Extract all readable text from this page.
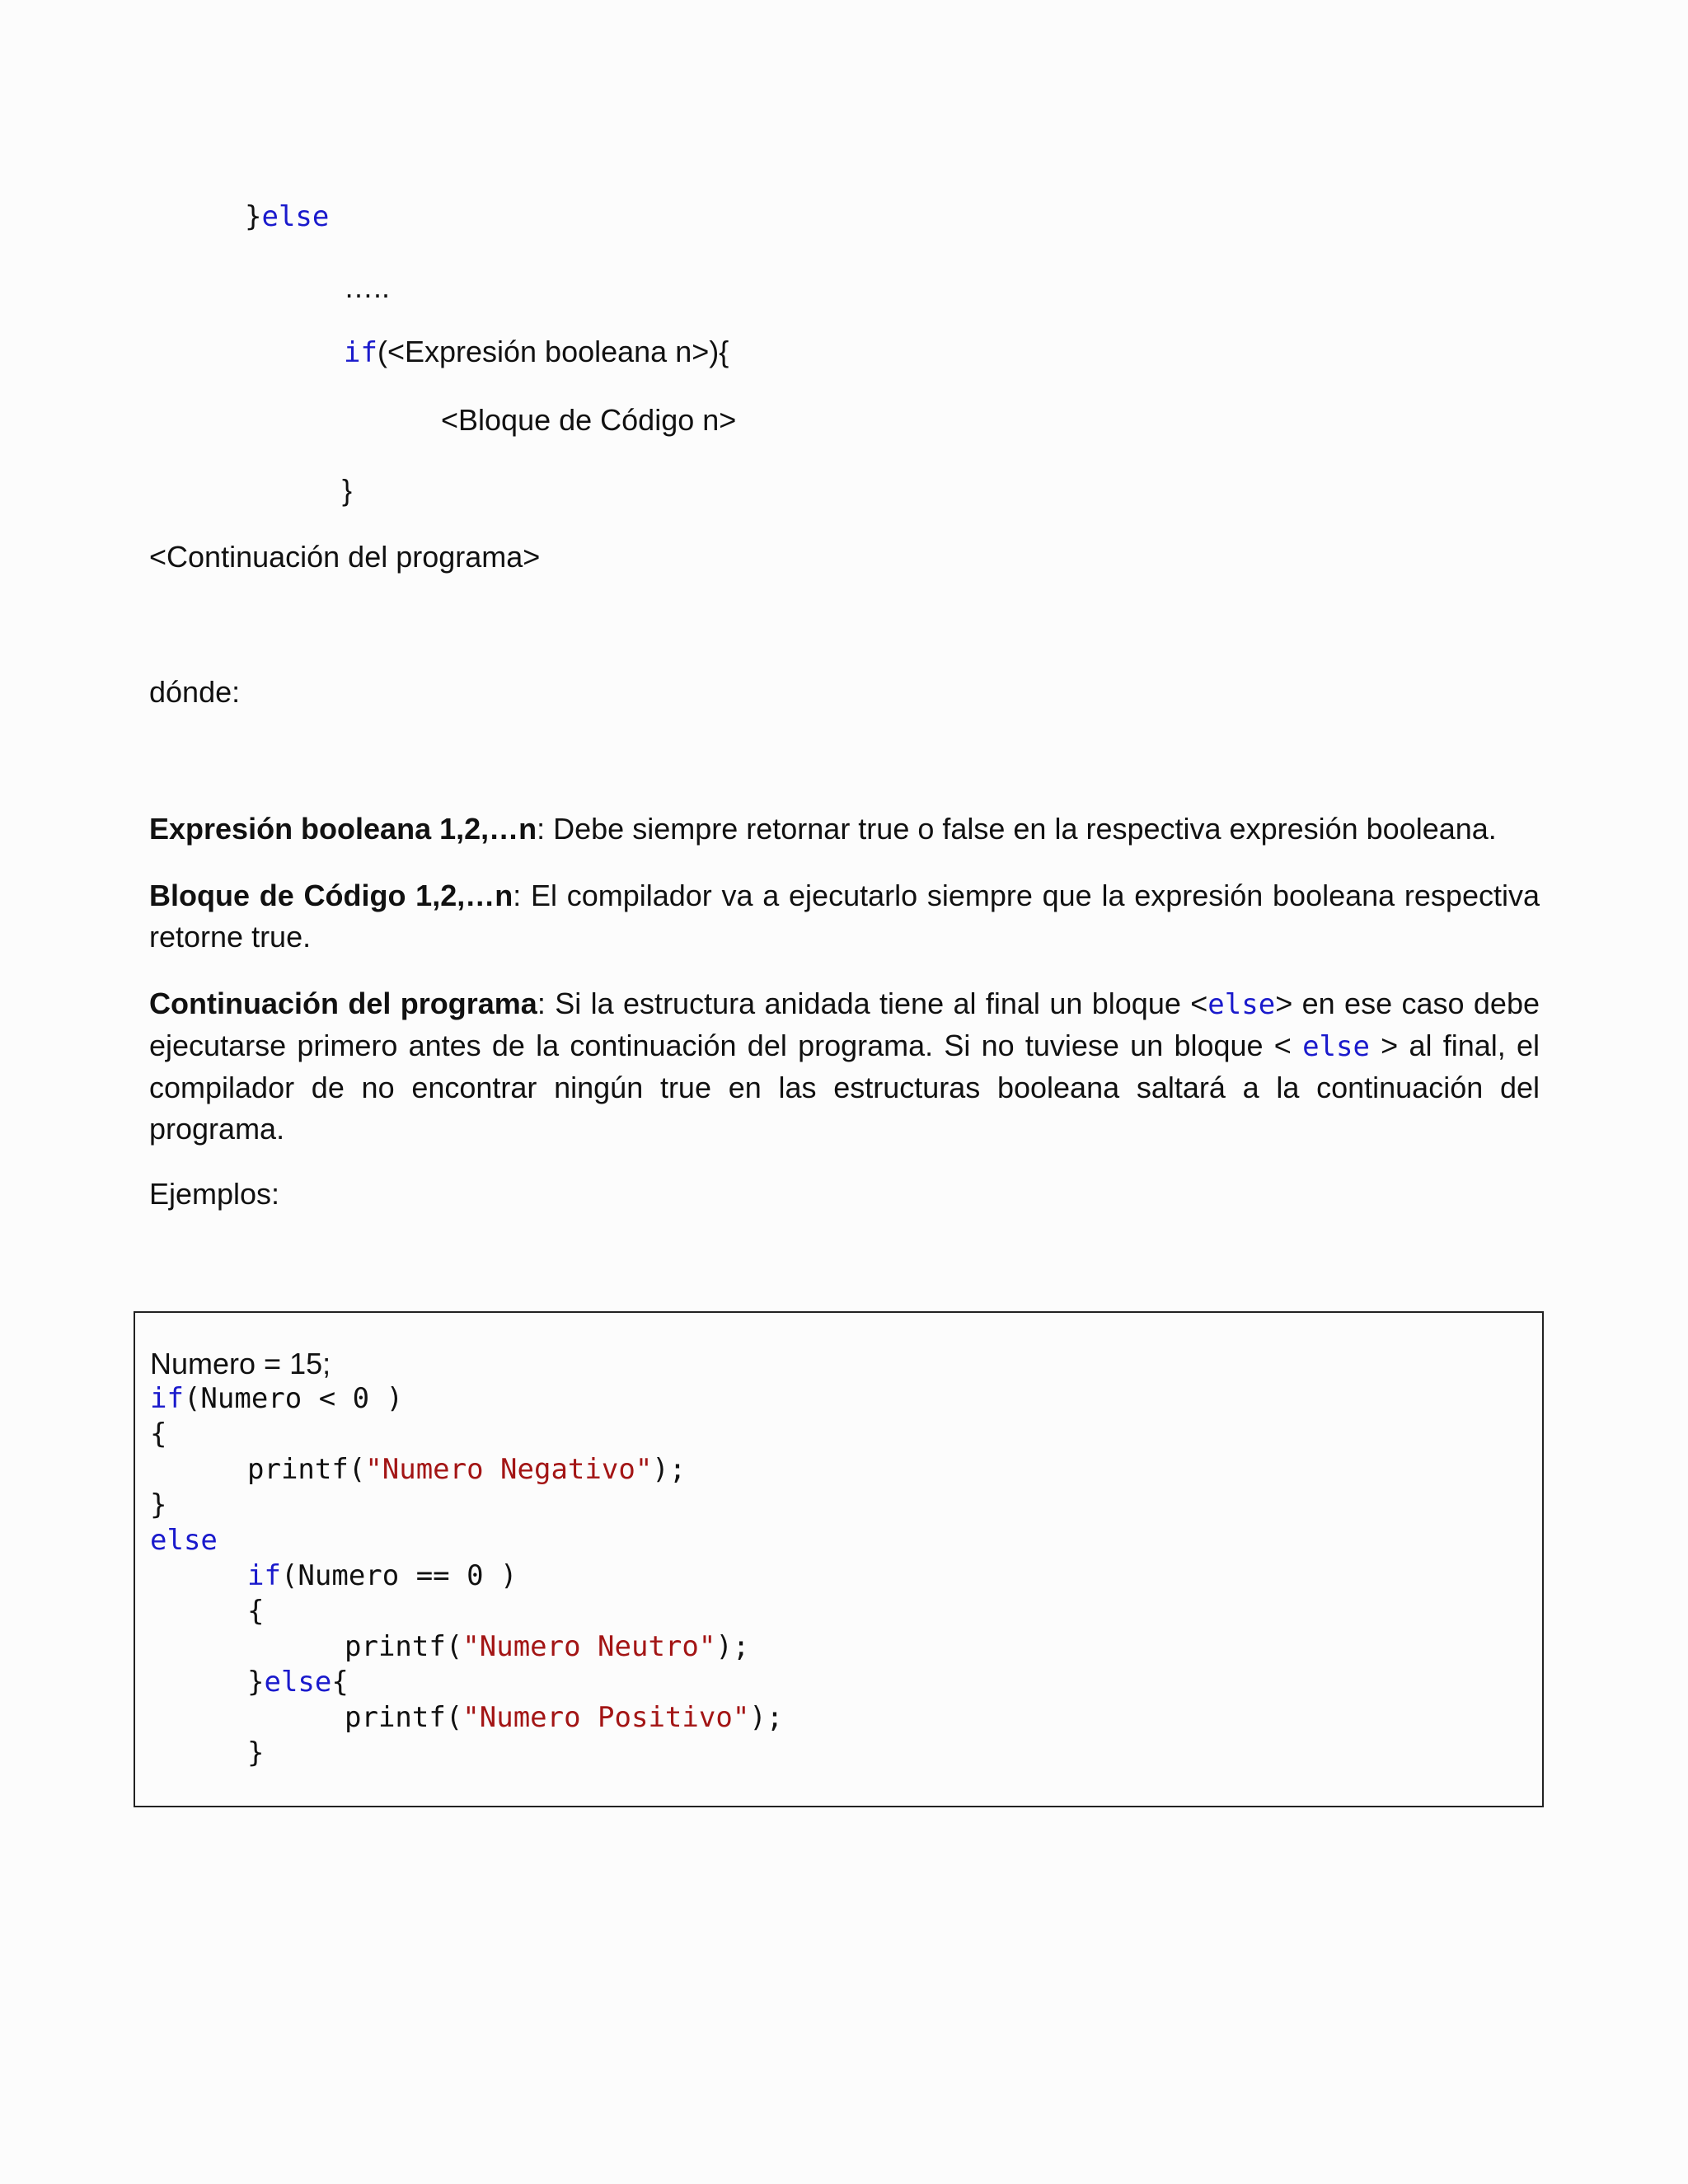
}else
…..
if(<Expresión booleana n>){
<Bloque de Código n>
}
<Continuación del programa>
dónde:
Expresión booleana 1,2,…n: Debe siempre retornar true o false en la respectiva expresión booleana.
Bloque de Código 1,2,…n: El compilador va a ejecutarlo siempre que la expresión booleana respectiva retorne true.
Continuación del programa: Si la estructura anidada tiene al final un bloque <else> en ese caso debe ejecutarse primero antes de la continuación del programa. Si no tuviese un bloque < else > al final, el compilador de no encontrar ningún true en las estructuras booleana saltará a la continuación del programa.
Ejemplos:
Numero = 15;
if(Numero < 0 )
{
printf("Numero Negativo");
}
else
if(Numero == 0 )
{
printf("Numero Neutro");
}else{
printf("Numero Positivo");
}
